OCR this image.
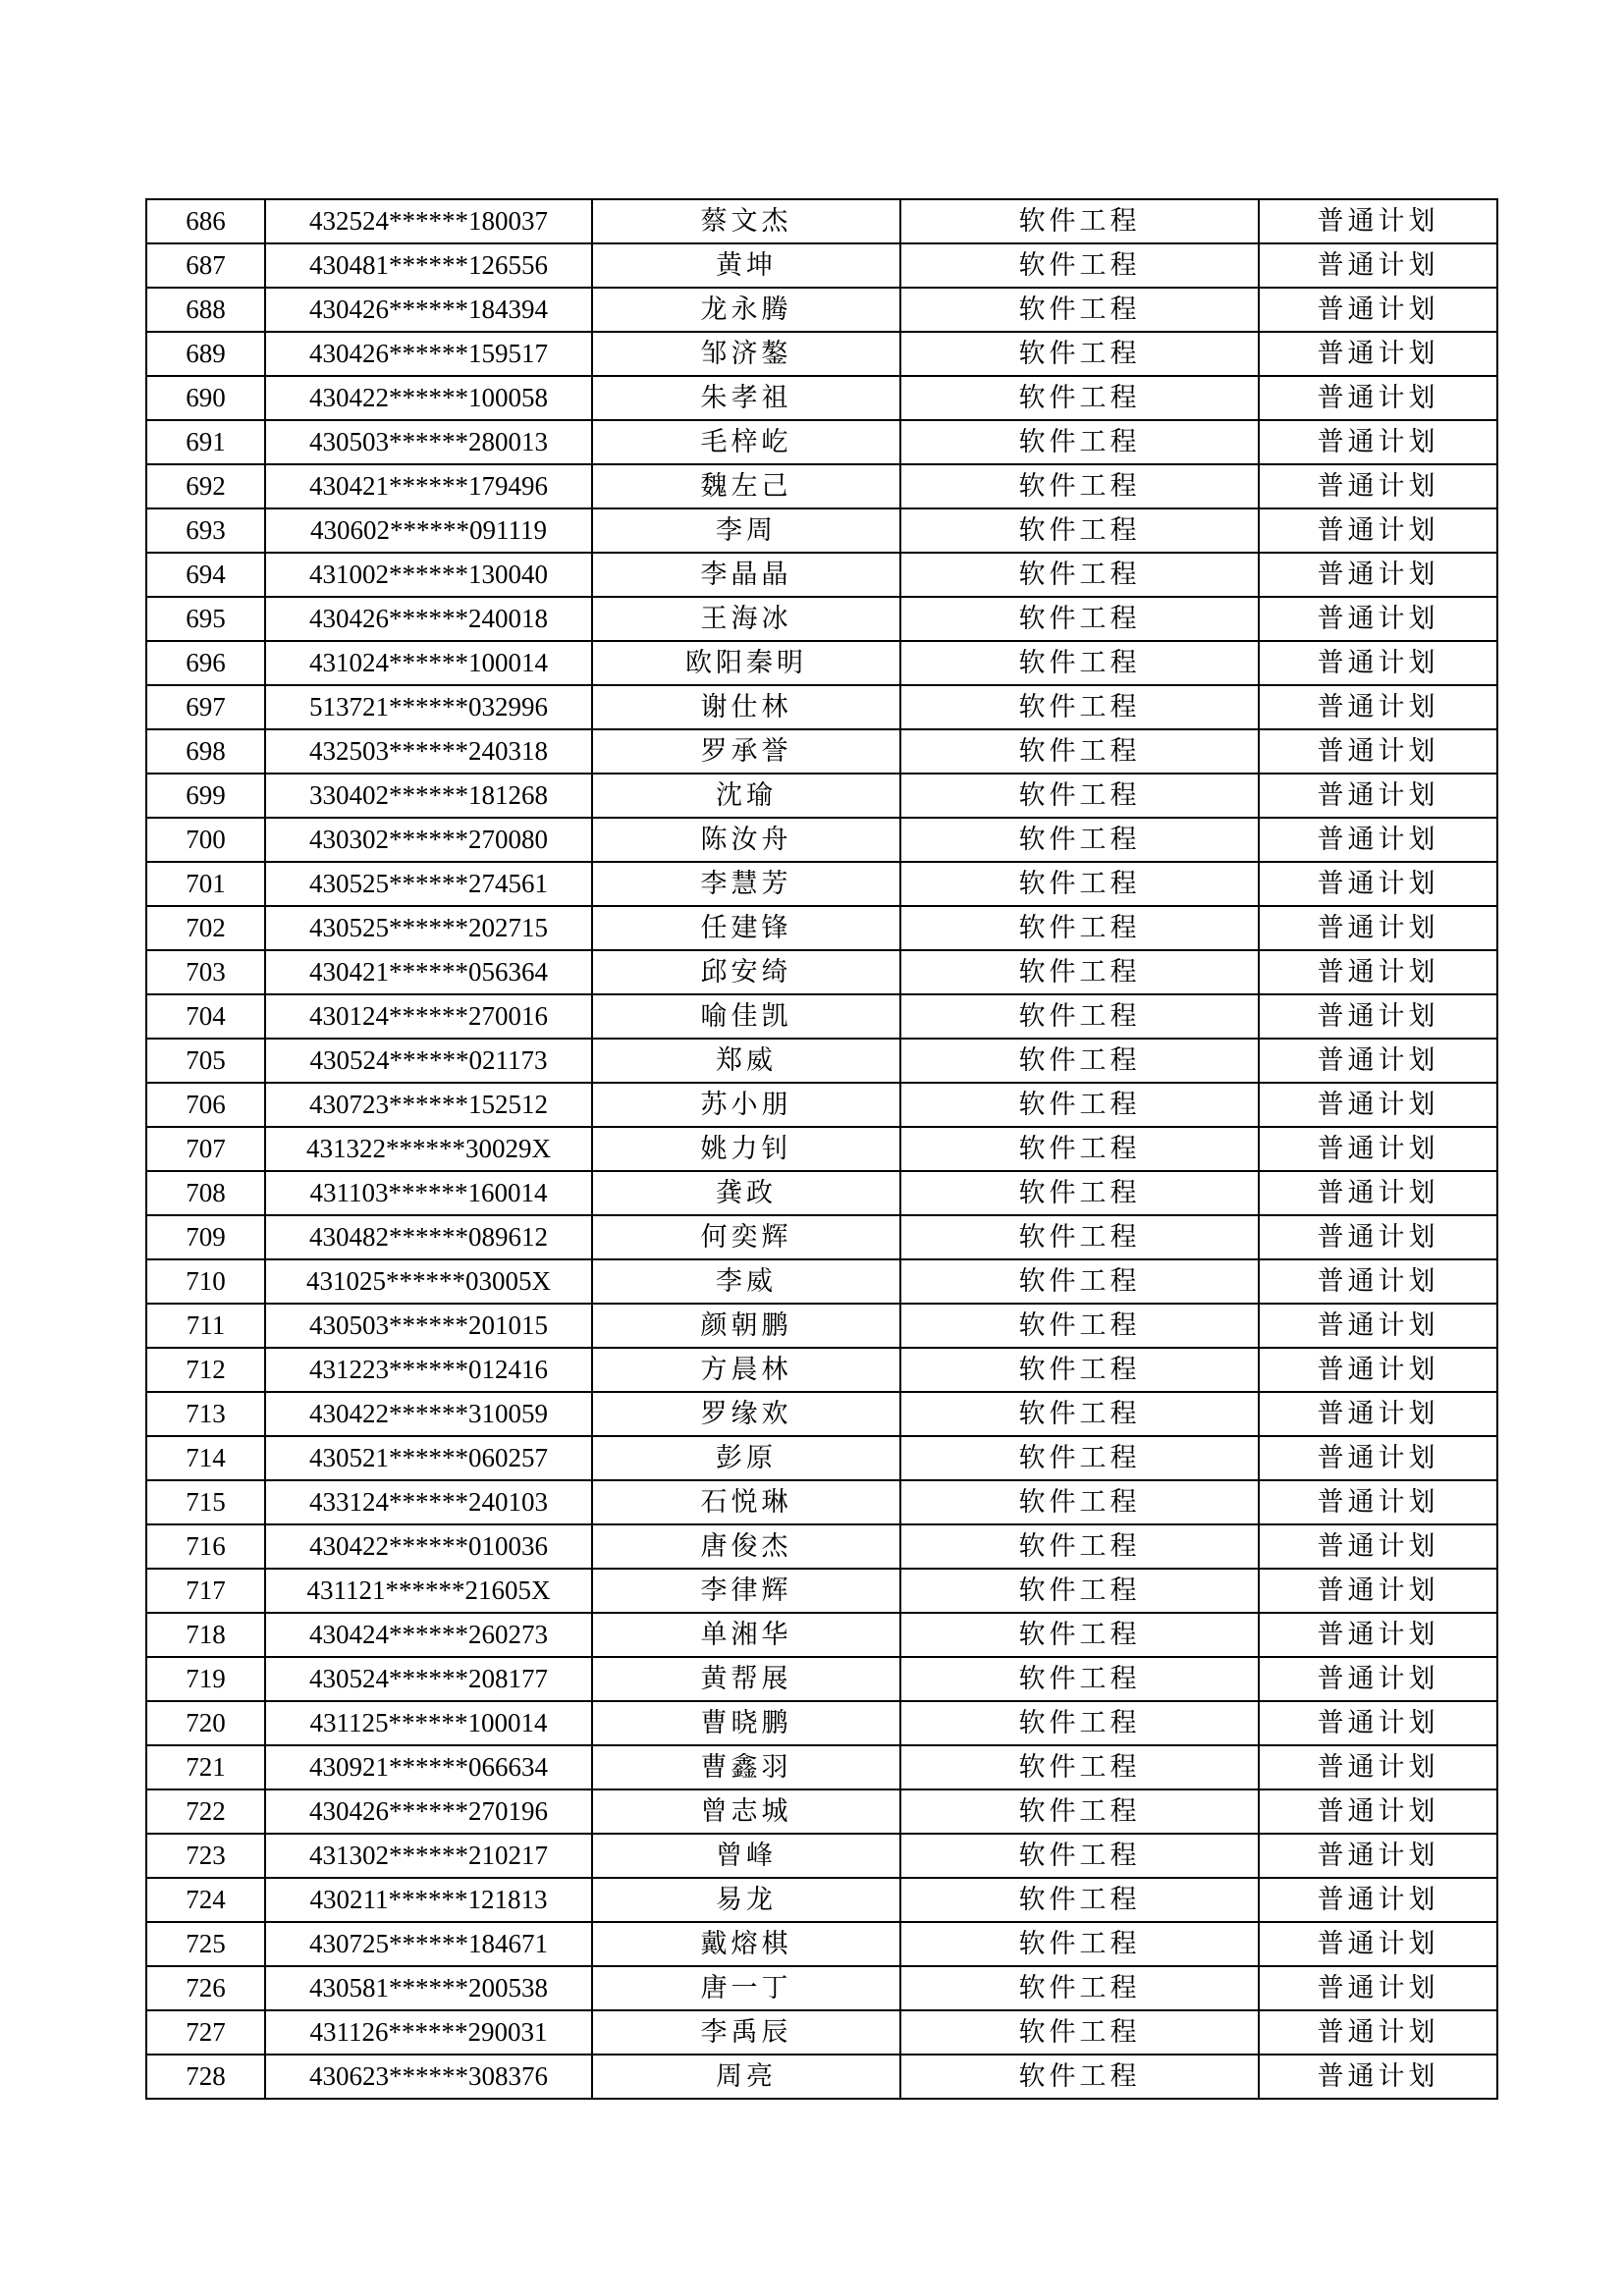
686	432524******180037	蔡文杰	软件工程	普通计划
687	430481******126556	黄坤	软件工程	普通计划
688	430426******184394	龙永腾	软件工程	普通计划
689	430426******159517	邹济鏊	软件工程	普通计划
690	430422******100058	朱孝祖	软件工程	普通计划
691	430503******280013	毛梓屹	软件工程	普通计划
692	430421******179496	魏左己	软件工程	普通计划
693	430602******091119	李周	软件工程	普通计划
694	431002******130040	李晶晶	软件工程	普通计划
695	430426******240018	王海冰	软件工程	普通计划
696	431024******100014	欧阳秦明	软件工程	普通计划
697	513721******032996	谢仕林	软件工程	普通计划
698	432503******240318	罗承誉	软件工程	普通计划
699	330402******181268	沈瑜	软件工程	普通计划
700	430302******270080	陈汝舟	软件工程	普通计划
701	430525******274561	李慧芳	软件工程	普通计划
702	430525******202715	任建锋	软件工程	普通计划
703	430421******056364	邱安绮	软件工程	普通计划
704	430124******270016	喻佳凯	软件工程	普通计划
705	430524******021173	郑威	软件工程	普通计划
706	430723******152512	苏小朋	软件工程	普通计划
707	431322******30029X	姚力钊	软件工程	普通计划
708	431103******160014	龚政	软件工程	普通计划
709	430482******089612	何奕辉	软件工程	普通计划
710	431025******03005X	李威	软件工程	普通计划
711	430503******201015	颜朝鹏	软件工程	普通计划
712	431223******012416	方晨林	软件工程	普通计划
713	430422******310059	罗缘欢	软件工程	普通计划
714	430521******060257	彭原	软件工程	普通计划
715	433124******240103	石悦琳	软件工程	普通计划
716	430422******010036	唐俊杰	软件工程	普通计划
717	431121******21605X	李律辉	软件工程	普通计划
718	430424******260273	单湘华	软件工程	普通计划
719	430524******208177	黄帮展	软件工程	普通计划
720	431125******100014	曹晓鹏	软件工程	普通计划
721	430921******066634	曹鑫羽	软件工程	普通计划
722	430426******270196	曾志城	软件工程	普通计划
723	431302******210217	曾峰	软件工程	普通计划
724	430211******121813	易龙	软件工程	普通计划
725	430725******184671	戴熔棋	软件工程	普通计划
726	430581******200538	唐一丁	软件工程	普通计划
727	431126******290031	李禹辰	软件工程	普通计划
728	430623******308376	周亮	软件工程	普通计划
